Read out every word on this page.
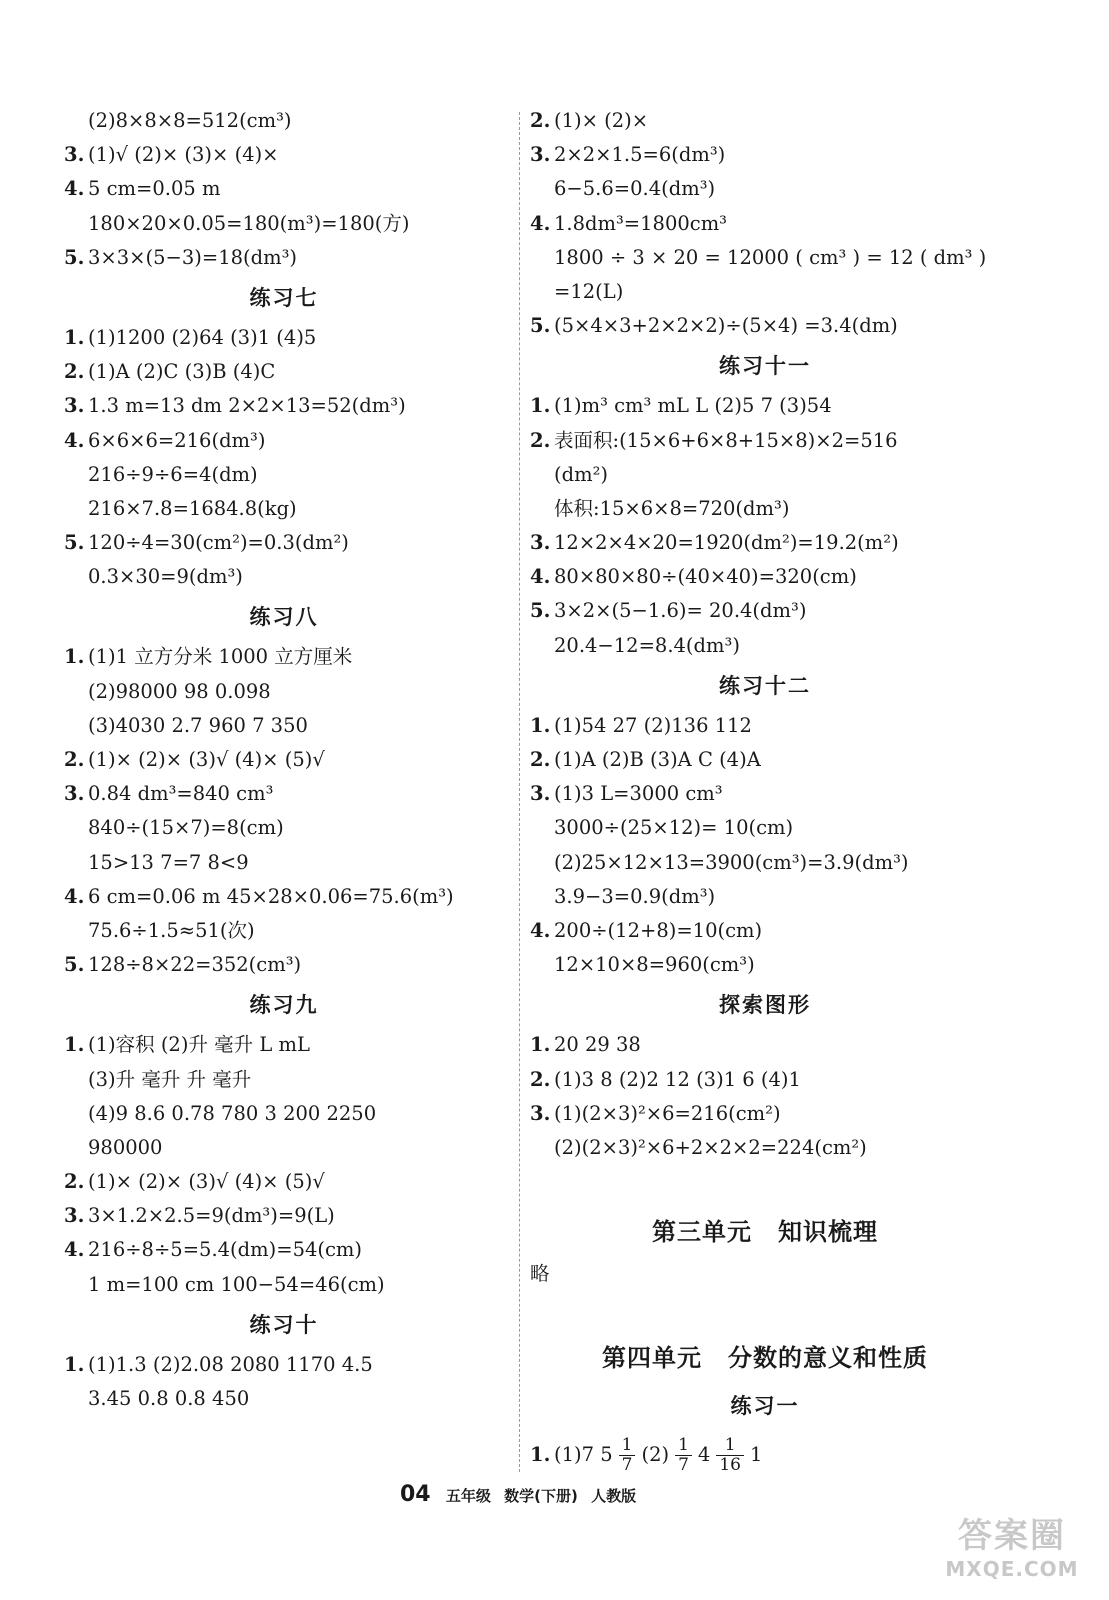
(2)8×8×8=512(cm³)
3. (1)√ (2)× (3)× (4)×
4. 5 cm=0.05 m
180×20×0.05=180(m³)=180(方)
5. 3×3×(5−3)=18(dm³)
练习七
1. (1)1200 (2)64 (3)1 (4)5
2. (1)A (2)C (3)B (4)C
3. 1.3 m=13 dm 2×2×13=52(dm³)
4. 6×6×6=216(dm³)
216÷9÷6=4(dm)
216×7.8=1684.8(kg)
5. 120÷4=30(cm²)=0.3(dm²)
0.3×30=9(dm³)
练习八
1. (1)1 立方分米 1000 立方厘米
(2)98000 98 0.098
(3)4030 2.7 960 7 350
2. (1)× (2)× (3)√ (4)× (5)√
3. 0.84 dm³=840 cm³
840÷(15×7)=8(cm)
15>13 7=7 8<9
4. 6 cm=0.06 m 45×28×0.06=75.6(m³)
75.6÷1.5≈51(次)
5. 128÷8×22=352(cm³)
练习九
1. (1)容积 (2)升 毫升 L mL
(3)升 毫升 升 毫升
(4)9 8.6 0.78 780 3 200 2250
980000
2. (1)× (2)× (3)√ (4)× (5)√
3. 3×1.2×2.5=9(dm³)=9(L)
4. 216÷8÷5=5.4(dm)=54(cm)
1 m=100 cm 100−54=46(cm)
练习十
1. (1)1.3 (2)2.08 2080 1170 4.5
3.45 0.8 0.8 450
2. (1)× (2)×
3. 2×2×1.5=6(dm³)
6−5.6=0.4(dm³)
4. 1.8dm³=1800cm³
1800 ÷ 3 × 20 = 12000 ( cm³ ) = 12 ( dm³ )
=12(L)
5. (5×4×3+2×2×2)÷(5×4) =3.4(dm)
练习十一
1. (1)m³ cm³ mL L (2)5 7 (3)54
2. 表面积:(15×6+6×8+15×8)×2=516
(dm²)
体积:15×6×8=720(dm³)
3. 12×2×4×20=1920(dm²)=19.2(m²)
4. 80×80×80÷(40×40)=320(cm)
5. 3×2×(5−1.6)= 20.4(dm³)
20.4−12=8.4(dm³)
练习十二
1. (1)54 27 (2)136 112
2. (1)A (2)B (3)A C (4)A
3. (1)3 L=3000 cm³
3000÷(25×12)= 10(cm)
(2)25×12×13=3900(cm³)=3.9(dm³)
3.9−3=0.9(dm³)
4. 200÷(12+8)=10(cm)
12×10×8=960(cm³)
探索图形
1. 20 29 38
2. (1)3 8 (2)2 12 (3)1 6 (4)1
3. (1)(2×3)²×6=216(cm²)
(2)(2×3)²×6+2×2×2=224(cm²)
第三单元 知识梳理
略
第四单元 分数的意义和性质
练习一
1. (1)7 $5 \frac{1}{7} (2) \frac{1}{7} 4 \frac{1}{16} 1$
04 五年级 数学(下册) 人教版
答案圈
MXQE.COM
